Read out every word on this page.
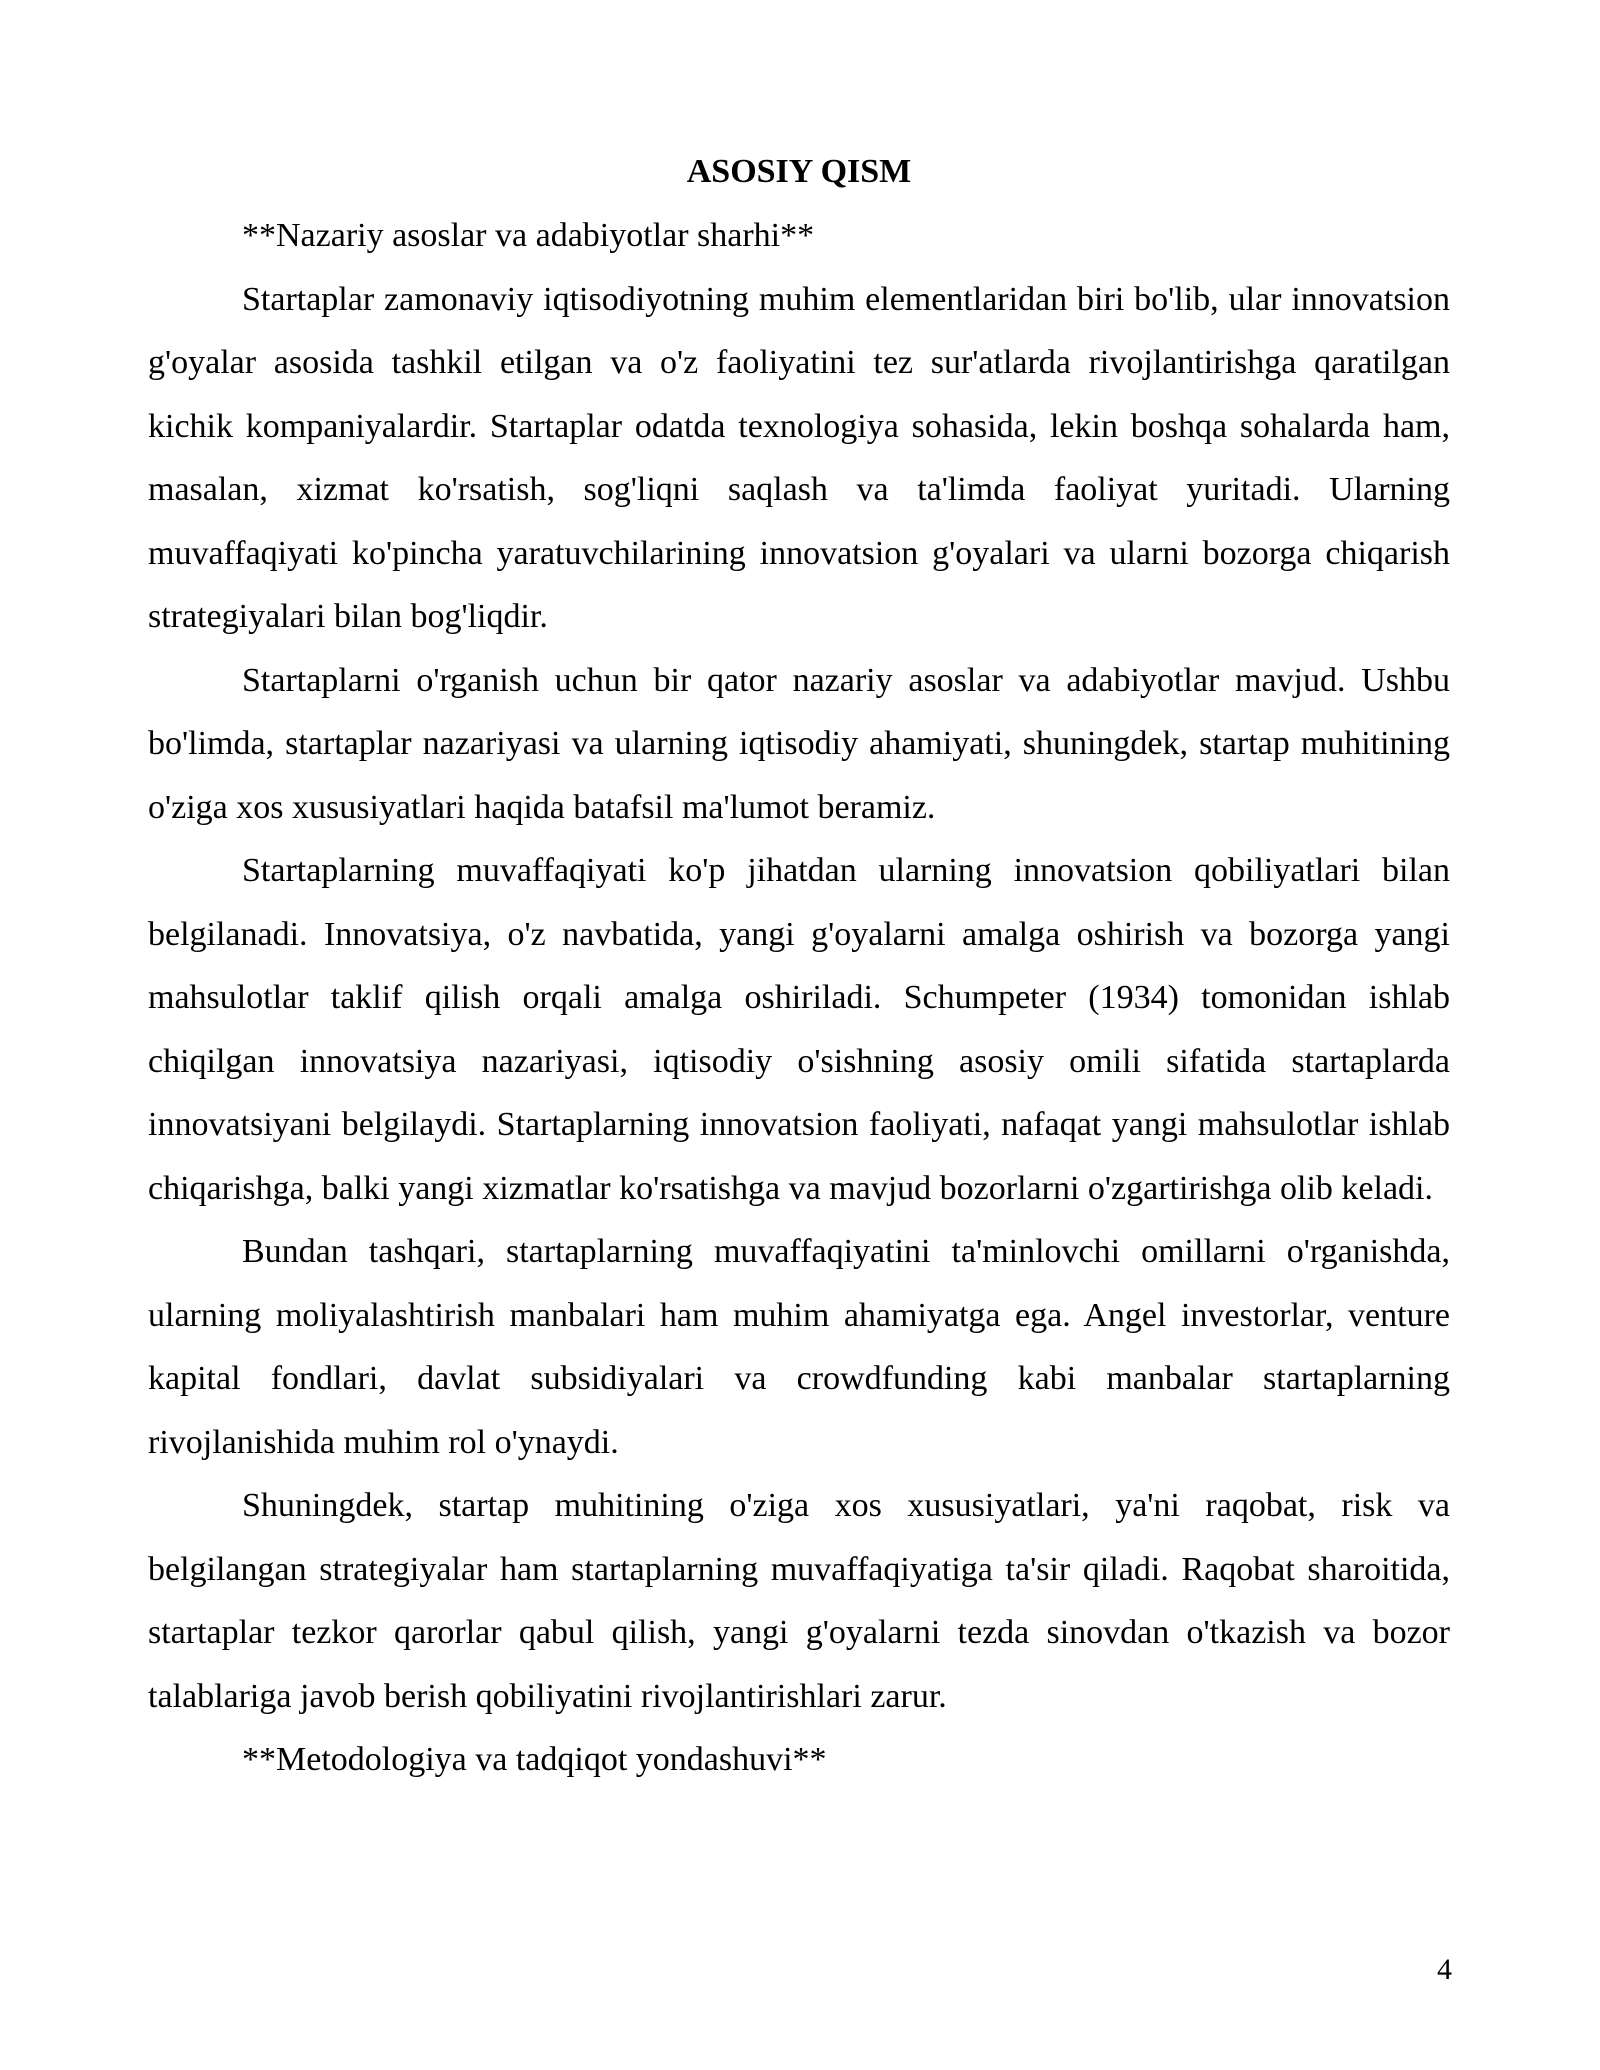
ASOSIY QISM

**Nazariy asoslar va adabiyotlar sharhi**

Startaplar zamonaviy iqtisodiyotning muhim elementlaridan biri bo'lib, ular innovatsion g'oyalar asosida tashkil etilgan va o'z faoliyatini tez sur'atlarda rivojlantirishga qaratilgan kichik kompaniyalardir. Startaplar odatda texnologiya sohasida, lekin boshqa sohalarda ham, masalan, xizmat ko'rsatish, sog'liqni saqlash va ta'limda faoliyat yuritadi. Ularning muvaffaqiyati ko'pincha yaratuvchilarining innovatsion g'oyalari va ularni bozorga chiqarish strategiyalari bilan bog'liqdir.

Startaplarni o'rganish uchun bir qator nazariy asoslar va adabiyotlar mavjud. Ushbu bo'limda, startaplar nazariyasi va ularning iqtisodiy ahamiyati, shuningdek, startap muhitining o'ziga xos xususiyatlari haqida batafsil ma'lumot beramiz.

Startaplarning muvaffaqiyati ko'p jihatdan ularning innovatsion qobiliyatlari bilan belgilanadi. Innovatsiya, o'z navbatida, yangi g'oyalarni amalga oshirish va bozorga yangi mahsulotlar taklif qilish orqali amalga oshiriladi. Schumpeter (1934) tomonidan ishlab chiqilgan innovatsiya nazariyasi, iqtisodiy o'sishning asosiy omili sifatida startaplarda innovatsiyani belgilaydi. Startaplarning innovatsion faoliyati, nafaqat yangi mahsulotlar ishlab chiqarishga, balki yangi xizmatlar ko'rsatishga va mavjud bozorlarni o'zgartirishga olib keladi.

Bundan tashqari, startaplarning muvaffaqiyatini ta'minlovchi omillarni o'rganishda, ularning moliyalashtirish manbalari ham muhim ahamiyatga ega. Angel investorlar, venture kapital fondlari, davlat subsidiyalari va crowdfunding kabi manbalar startaplarning rivojlanishida muhim rol o'ynaydi.

Shuningdek, startap muhitining o'ziga xos xususiyatlari, ya'ni raqobat, risk va belgilangan strategiyalar ham startaplarning muvaffaqiyatiga ta'sir qiladi. Raqobat sharoitida, startaplar tezkor qarorlar qabul qilish, yangi g'oyalarni tezda sinovdan o'tkazish va bozor talablariga javob berish qobiliyatini rivojlantirishlari zarur.

**Metodologiya va tadqiqot yondashuvi**

4
